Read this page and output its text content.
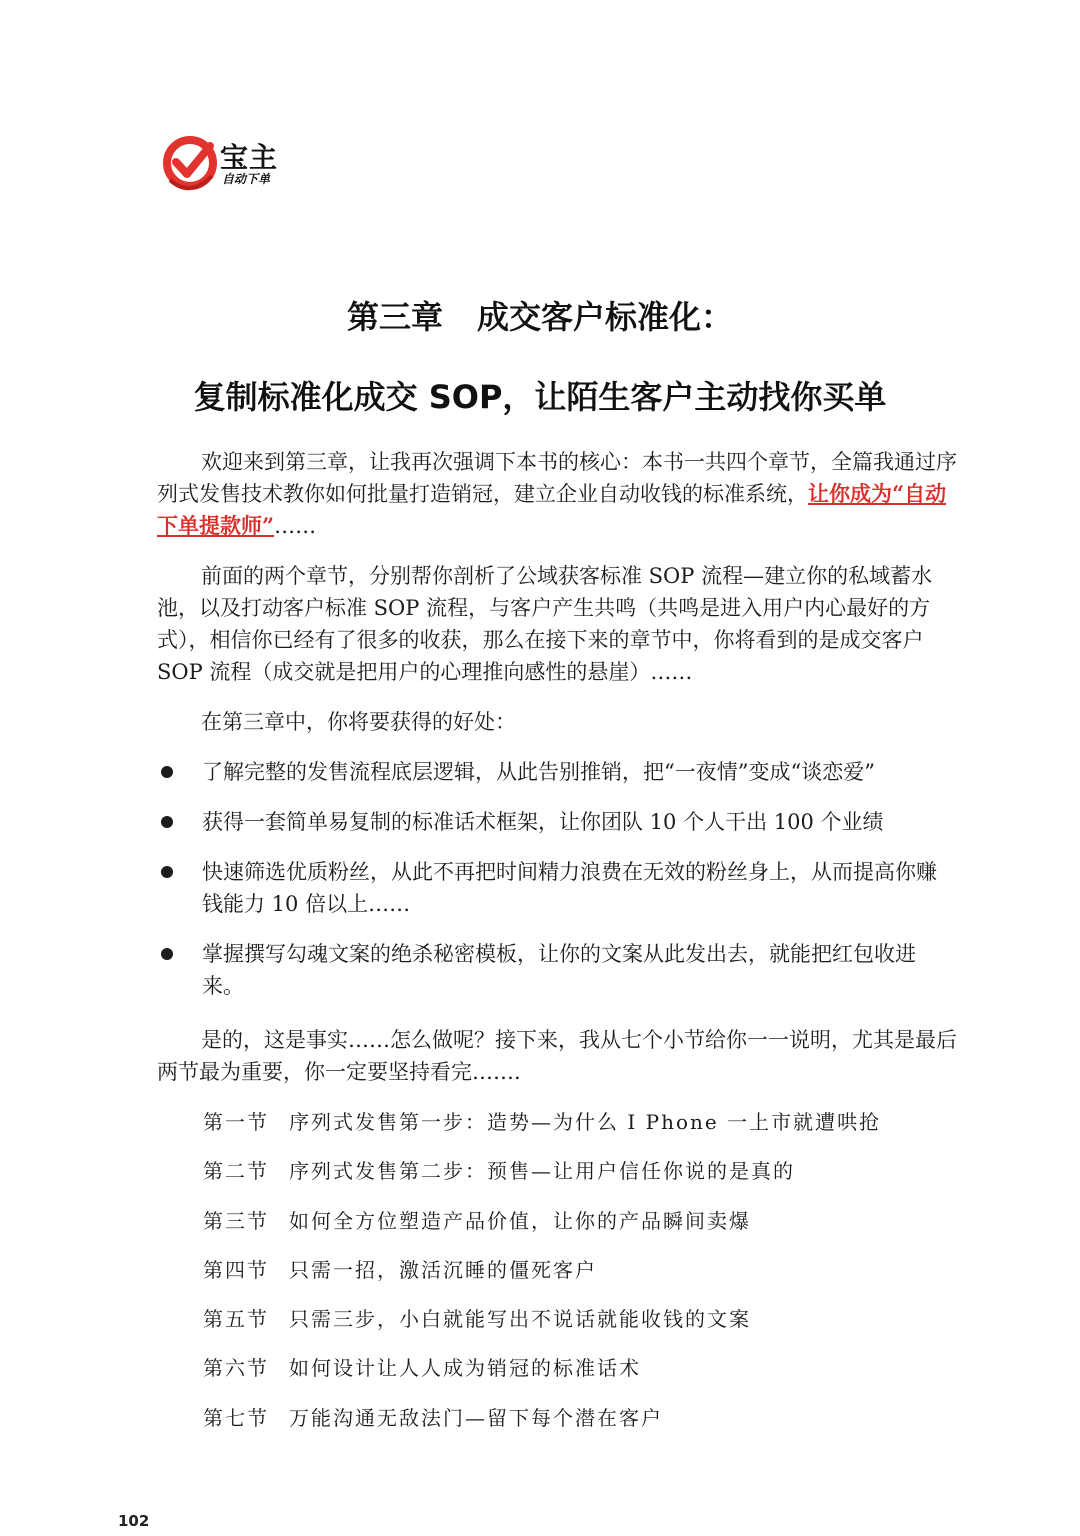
宝主
自动下单
第三章 成交客户标准化：
复制标准化成交 SOP，让陌生客户主动找你买单

欢迎来到第三章，让我再次强调下本书的核心：本书一共四个章节，全篇我通过序列式发售技术教你如何批量打造销冠，建立企业自动收钱的标准系统，让你成为“自动下单提款师”……

前面的两个章节，分别帮你剖析了公域获客标准 SOP 流程—建立你的私域蓄水池，以及打动客户标准 SOP 流程，与客户产生共鸣（共鸣是进入用户内心最好的方式），相信你已经有了很多的收获，那么在接下来的章节中，你将看到的是成交客户 SOP 流程（成交就是把用户的心理推向感性的悬崖）……

在第三章中，你将要获得的好处：

了解完整的发售流程底层逻辑，从此告别推销，把“一夜情”变成“谈恋爱”
获得一套简单易复制的标准话术框架，让你团队 10 个人干出 100 个业绩
快速筛选优质粉丝，从此不再把时间精力浪费在无效的粉丝身上，从而提高你赚钱能力 10 倍以上……
掌握撰写勾魂文案的绝杀秘密模板，让你的文案从此发出去，就能把红包收进来。

是的，这是事实……怎么做呢？接下来，我从七个小节给你一一说明，尤其是最后两节最为重要，你一定要坚持看完…….

第一节 序列式发售第一步：造势—为什么 I Phone 一上市就遭哄抢
第二节 序列式发售第二步：预售—让用户信任你说的是真的
第三节 如何全方位塑造产品价值，让你的产品瞬间卖爆
第四节 只需一招，激活沉睡的僵死客户
第五节 只需三步，小白就能写出不说话就能收钱的文案
第六节 如何设计让人人成为销冠的标准话术
第七节 万能沟通无敌法门—留下每个潜在客户
102
